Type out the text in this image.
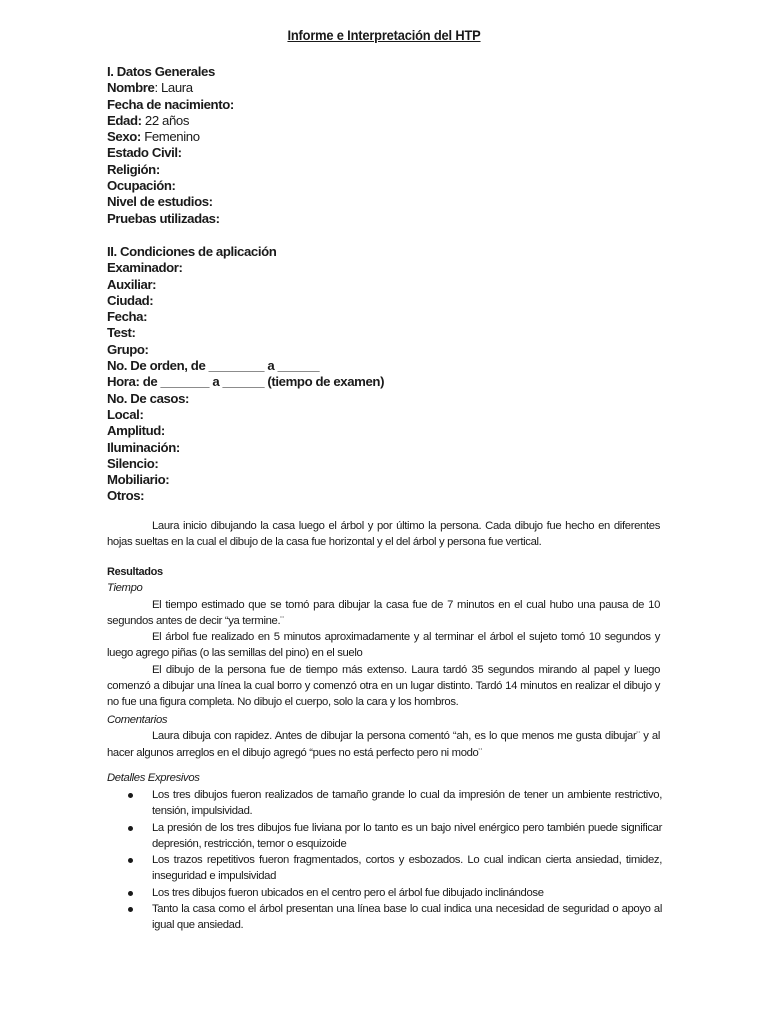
Informe e Interpretación del HTP
I. Datos Generales
Nombre: Laura
Fecha de nacimiento:
Edad: 22 años
Sexo: Femenino
Estado Civil:
Religión:
Ocupación:
Nivel de estudios:
Pruebas utilizadas:
II. Condiciones de aplicación
Examinador:
Auxiliar:
Ciudad:
Fecha:
Test:
Grupo:
No. De orden, de ________ a ______
Hora: de _______ a ______ (tiempo de examen)
No. De casos:
Local:
Amplitud:
Iluminación:
Silencio:
Mobiliario:
Otros:

Laura inicio dibujando la casa luego el árbol y por último la persona. Cada dibujo fue hecho en diferentes hojas sueltas en la cual el dibujo de la casa fue horizontal y el del árbol y persona fue vertical.

Resultados
Tiempo

El tiempo estimado que se tomó para dibujar la casa fue de 7 minutos en el cual hubo una pausa de 10 segundos antes de decir “ya termine.¨

El árbol fue realizado en 5 minutos aproximadamente y al terminar el árbol el sujeto tomó 10 segundos y luego agrego piñas (o las semillas del pino) en el suelo

El dibujo de la persona fue de tiempo más extenso. Laura tardó 35 segundos mirando al papel y luego comenzó a dibujar una línea la cual borro y comenzó otra en un lugar distinto. Tardó 14 minutos en realizar el dibujo y no fue una figura completa. No dibujo el cuerpo, solo la cara y los hombros.

Comentarios

Laura dibuja con rapidez. Antes de dibujar la persona comentó “ah, es lo que menos me gusta dibujar¨ y al hacer algunos arreglos en el dibujo agregó “pues no está perfecto pero ni modo¨

Detalles Expresivos
Los tres dibujos fueron realizados de tamaño grande lo cual da impresión de tener un ambiente restrictivo, tensión, impulsividad.
La presión de los tres dibujos fue liviana por lo tanto es un bajo nivel enérgico pero también puede significar depresión, restricción, temor o esquizoide
Los trazos repetitivos fueron fragmentados, cortos y esbozados. Lo cual indican cierta ansiedad, timidez, inseguridad e impulsividad
Los tres dibujos fueron ubicados en el centro pero el árbol fue dibujado inclinándose
Tanto la casa como el árbol presentan una línea base lo cual indica una necesidad de seguridad o apoyo al igual que ansiedad.
